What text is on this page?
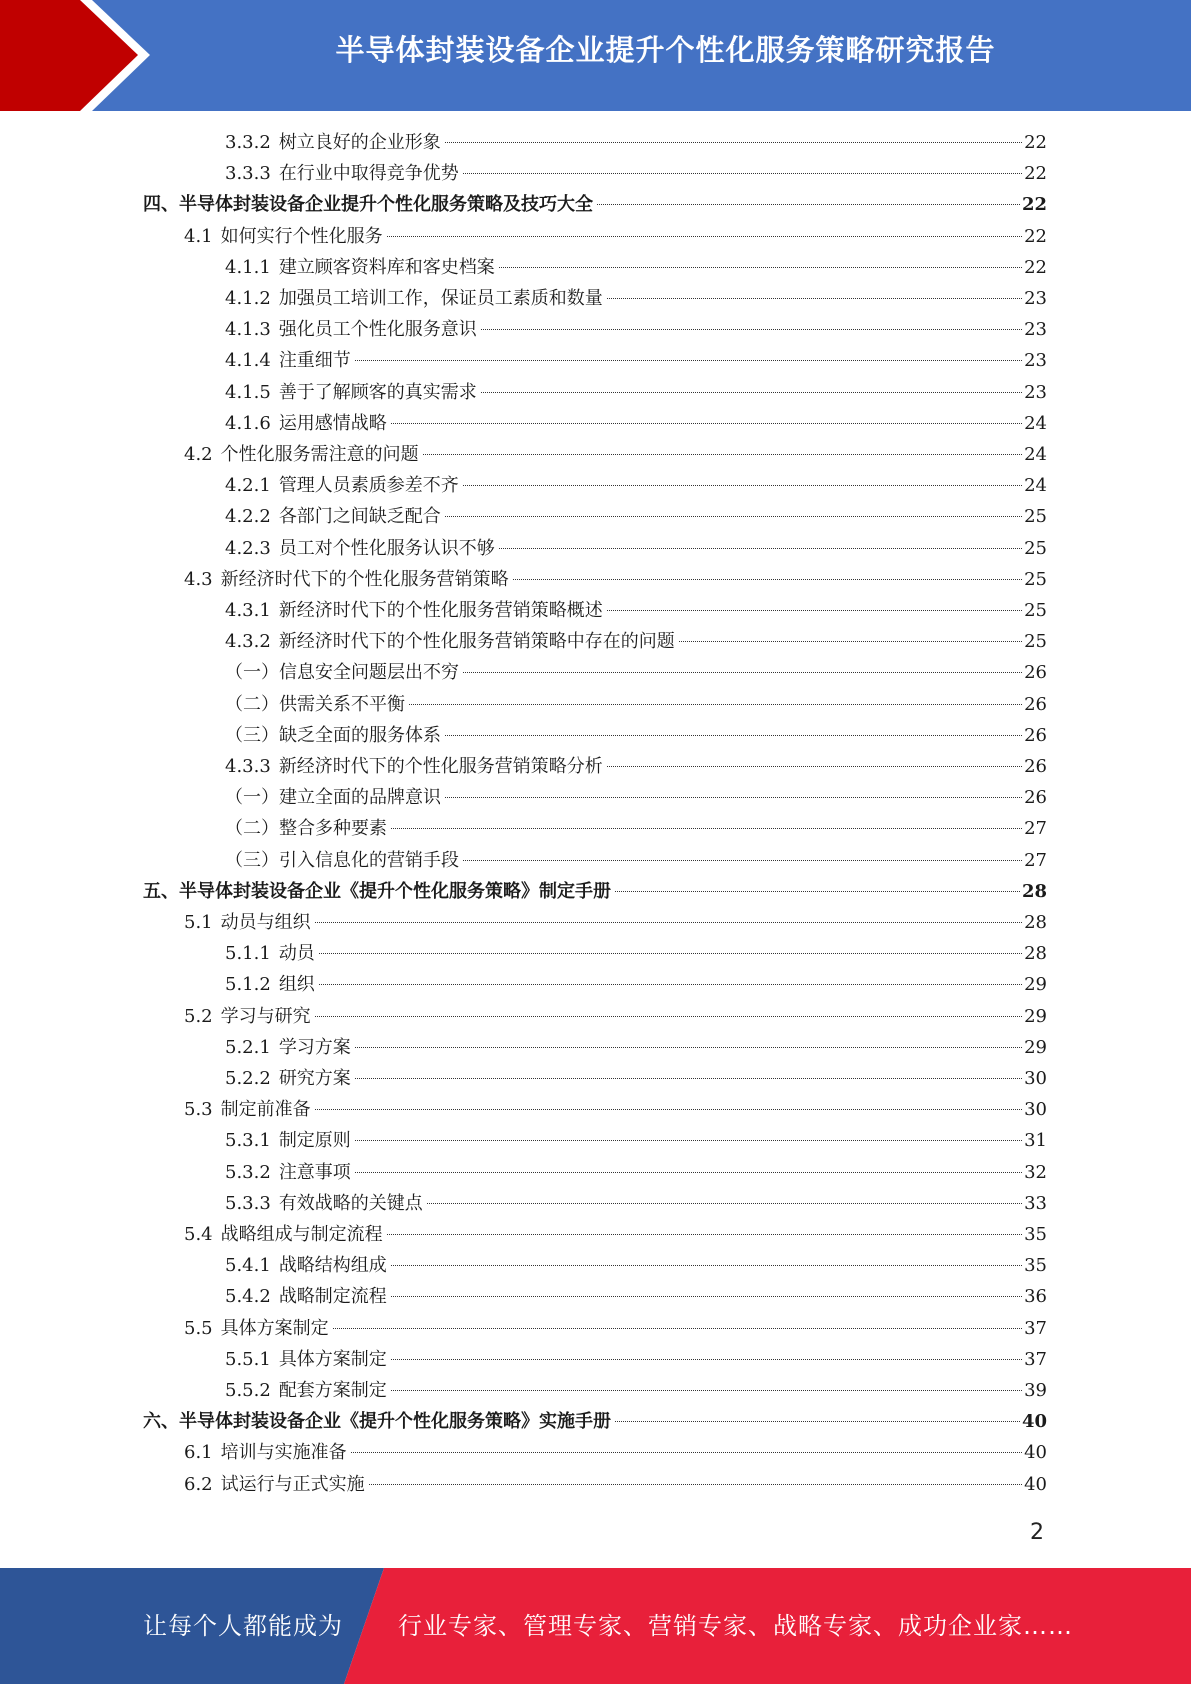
半导体封装设备企业提升个性化服务策略研究报告
3.3.2 树立良好的企业形象	22
3.3.3 在行业中取得竞争优势	22
四、半导体封装设备企业提升个性化服务策略及技巧大全	22
4.1 如何实行个性化服务	22
4.1.1 建立顾客资料库和客史档案	22
4.1.2 加强员工培训工作，保证员工素质和数量	23
4.1.3 强化员工个性化服务意识	23
4.1.4 注重细节	23
4.1.5 善于了解顾客的真实需求	23
4.1.6 运用感情战略	24
4.2 个性化服务需注意的问题	24
4.2.1 管理人员素质参差不齐	24
4.2.2 各部门之间缺乏配合	25
4.2.3 员工对个性化服务认识不够	25
4.3 新经济时代下的个性化服务营销策略	25
4.3.1 新经济时代下的个性化服务营销策略概述	25
4.3.2 新经济时代下的个性化服务营销策略中存在的问题	25
（一）信息安全问题层出不穷	26
（二）供需关系不平衡	26
（三）缺乏全面的服务体系	26
4.3.3 新经济时代下的个性化服务营销策略分析	26
（一）建立全面的品牌意识	26
（二）整合多种要素	27
（三）引入信息化的营销手段	27
五、半导体封装设备企业《提升个性化服务策略》制定手册	28
5.1 动员与组织	28
5.1.1 动员	28
5.1.2 组织	29
5.2 学习与研究	29
5.2.1 学习方案	29
5.2.2 研究方案	30
5.3 制定前准备	30
5.3.1 制定原则	31
5.3.2 注意事项	32
5.3.3 有效战略的关键点	33
5.4 战略组成与制定流程	35
5.4.1 战略结构组成	35
5.4.2 战略制定流程	36
5.5 具体方案制定	37
5.5.1 具体方案制定	37
5.5.2 配套方案制定	39
六、半导体封装设备企业《提升个性化服务策略》实施手册	40
6.1 培训与实施准备	40
6.2 试运行与正式实施	40
2
让每个人都能成为 行业专家、管理专家、营销专家、战略专家、成功企业家……
